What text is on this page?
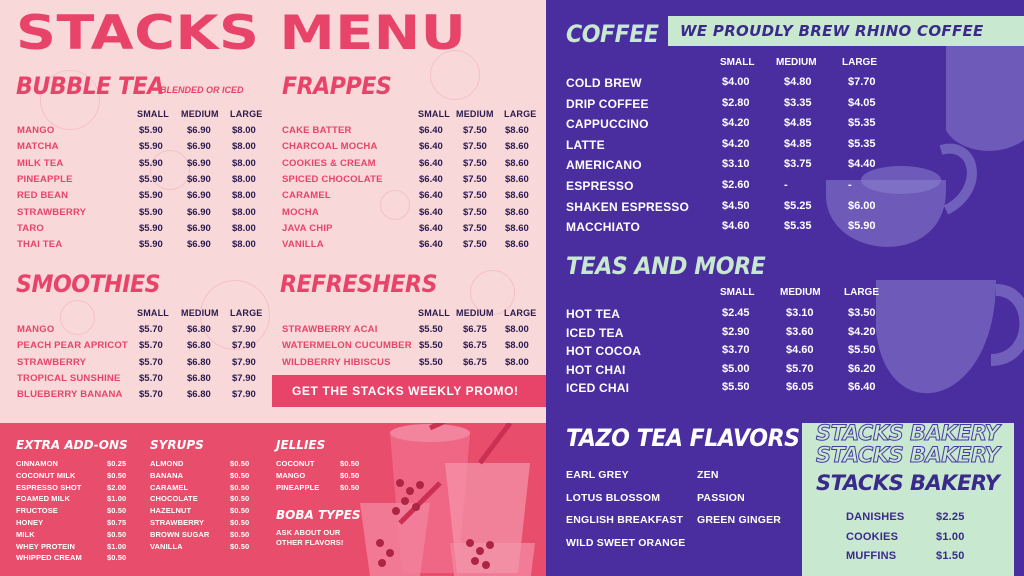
STACKS MENU
BUBBLE TEA
BLENDED OR ICED
SMALL MEDIUM LARGE
MANGO	$5.90	$6.90 $8.00
MATCHA	$5.90	$6.90 $8.00
MILK TEA	$5.90	$6.90 $8.00
PINEAPPLE	$5.90	$6.90 $8.00
RED BEAN	$5.90	$6.90 $8.00
STRAWBERRY	$5.90	$6.90 $8.00
TARO	$5.90	$6.90 $8.00
THAI TEA	$5.90	$6.90 $8.00
FRAPPES
SMALL MEDIUM LARGE
CAKE BATTER	$6.40 $7.50 $8.60
CHARCOAL MOCHA	$6.40 $7.50 $8.60
COOKIES & CREAM	$6.40 $7.50 $8.60
SPICED CHOCOLATE	$6.40 $7.50 $8.60
CARAMEL	$6.40 $7.50 $8.60
MOCHA	$6.40 $7.50 $8.60
JAVA CHIP	$6.40 $7.50 $8.60
VANILLA	$6.40 $7.50 $8.60
SMOOTHIES
SMALL MEDIUM LARGE
MANGO	$5.70	$6.80 $7.90
PEACH PEAR APRICOT $5.70	$6.80 $7.90
STRAWBERRY	$5.70	$6.80 $7.90
TROPICAL SUNSHINE $5.70	$6.80 $7.90
BLUEBERRY BANANA $5.70	$6.80 $7.90
REFRESHERS
SMALL MEDIUM LARGE
STRAWBERRY ACAI	$5.50 $6.75 $8.00
WATERMELON CUCUMBER $5.50 $6.75 $8.00
WILDBERRY HIBISCUS	$5.50 $6.75 $8.00
GET THE STACKS WEEKLY PROMO!
EXTRA ADD-ONS
CINNAMON	$0.25
COCONUT MILK	$0.50
ESPRESSO SHOT	$2.00
FOAMED MILK	$1.00
FRUCTOSE	$0.50
HONEY	$0.75
MILK	$0.50
WHEY PROTEIN	$1.00
WHIPPED CREAM	$0.50
SYRUPS
ALMOND	$0.50
BANANA	$0.50
CARAMEL	$0.50
CHOCOLATE	$0.50
HAZELNUT	$0.50
STRAWBERRY	$0.50
BROWN SUGAR	$0.50
VANILLA	$0.50
JELLIES
COCONUT	$0.50
MANGO	$0.50
PINEAPPLE	$0.50
BOBA TYPES
ASK ABOUT OUR
OTHER FLAVORS!
COFFEE WE PROUDLY BREW RHINO COFFEE
SMALL MEDIUM	LARGE
COLD BREW	$4.00	$4.80	$7.70
DRIP COFFEE	$2.80	$3.35	$4.05
CAPPUCCINO	$4.20	$4.85	$5.35
LATTE	$4.20	$4.85	$5.35
AMERICANO	$3.10	$3.75	$4.40
ESPRESSO	$2.60	-	-
SHAKEN ESPRESSO	$4.50	$5.25	$6.00
MACCHIATO	$4.60	$5.35	$5.90
TEAS AND MORE
SMALL	MEDIUM LARGE
HOT TEA	$2.45	$3.10	$3.50
ICED TEA	$2.90	$3.60	$4.20
HOT COCOA	$3.70	$4.60	$5.50
HOT CHAI	$5.00	$5.70	$6.20
ICED CHAI	$5.50	$6.05	$6.40
TAZO TEA FLAVORS
EARL GREY
LOTUS BLOSSOM
ENGLISH BREAKFAST
WILD SWEET ORANGE
ZEN
PASSION
GREEN GINGER
STACKS BAKERY
STACKS BAKERY
STACKS BAKERY
DANISHES	$2.25
COOKIES	$1.00
MUFFINS	$1.50
